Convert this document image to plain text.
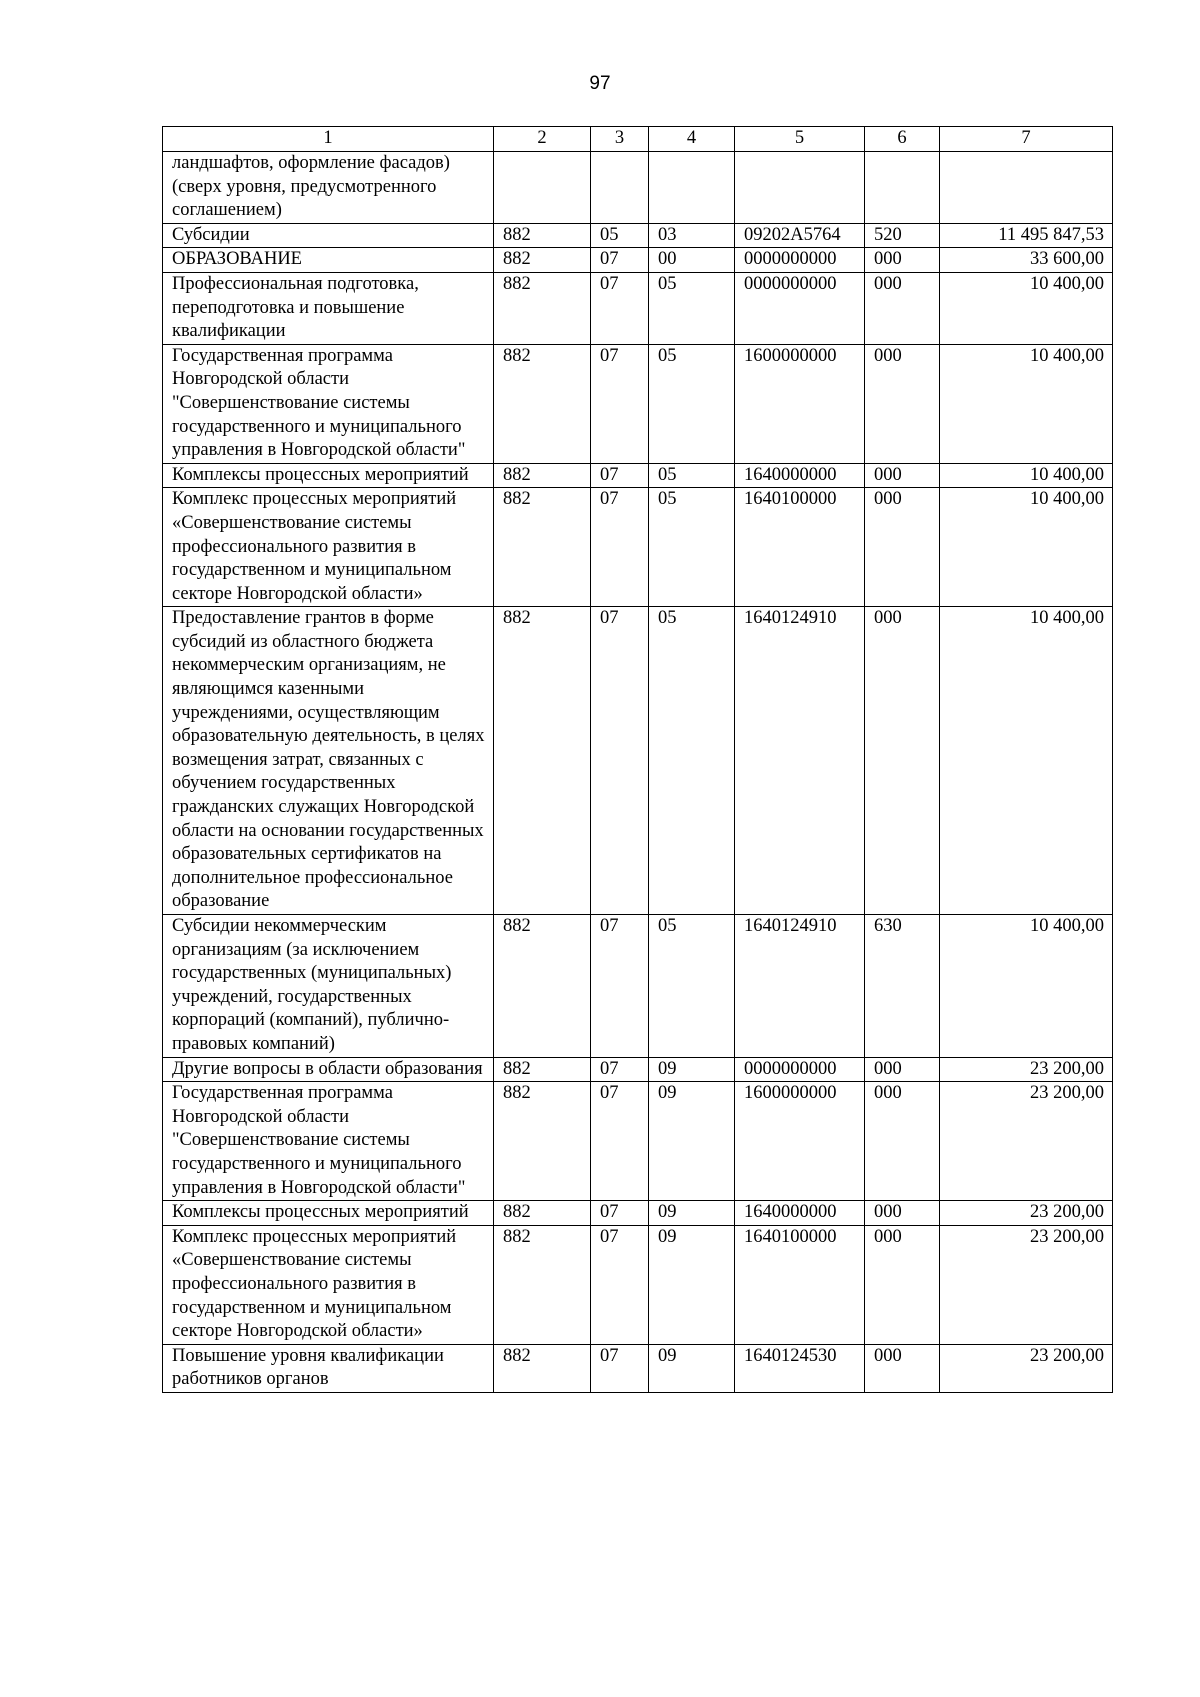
97
1	2	3	4	5	6	7
ландшафтов, оформление фасадов) (сверх уровня, предусмотренного соглашением)						
Субсидии	882	05	03	09202A5764	520	11 495 847,53
ОБРАЗОВАНИЕ	882	07	00	0000000000	000	33 600,00
Профессиональная подготовка, переподготовка и повышение квалификации	882	07	05	0000000000	000	10 400,00
Государственная программа Новгородской области "Совершенствование системы государственного и муниципального управления в Новгородской области"	882	07	05	1600000000	000	10 400,00
Комплексы процессных мероприятий	882	07	05	1640000000	000	10 400,00
Комплекс процессных мероприятий «Совершенствование системы профессионального развития в государственном и муниципальном секторе Новгородской области»	882	07	05	1640100000	000	10 400,00
Предоставление грантов в форме субсидий из областного бюджета некоммерческим организациям, не являющимся казенными учреждениями, осуществляющим образовательную деятельность, в целях возмещения затрат, связанных с обучением государственных гражданских служащих Новгородской области на основании государственных образовательных сертификатов на дополнительное профессиональное образование	882	07	05	1640124910	000	10 400,00
Субсидии некоммерческим организациям (за исключением государственных (муниципальных) учреждений, государственных корпораций (компаний), публично-правовых компаний)	882	07	05	1640124910	630	10 400,00
Другие вопросы в области образования	882	07	09	0000000000	000	23 200,00
Государственная программа Новгородской области "Совершенствование системы государственного и муниципального управления в Новгородской области"	882	07	09	1600000000	000	23 200,00
Комплексы процессных мероприятий	882	07	09	1640000000	000	23 200,00
Комплекс процессных мероприятий «Совершенствование системы профессионального развития в государственном и муниципальном секторе Новгородской области»	882	07	09	1640100000	000	23 200,00
Повышение уровня квалификации работников органов	882	07	09	1640124530	000	23 200,00
